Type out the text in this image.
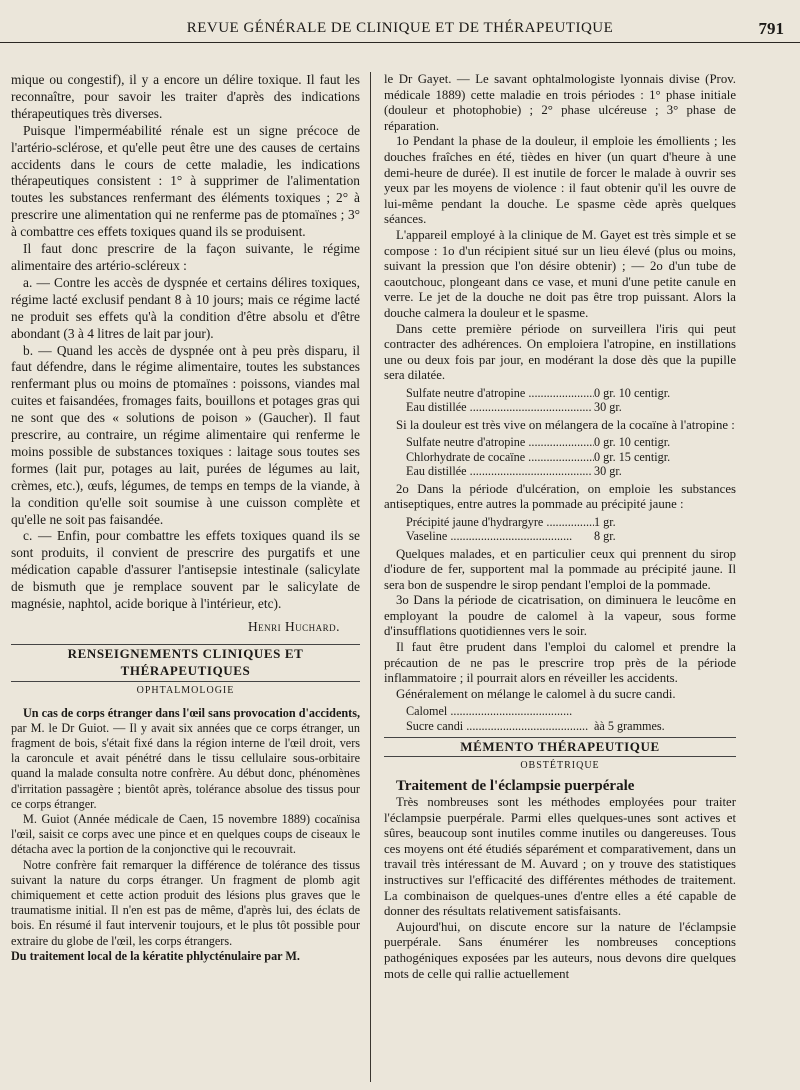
REVUE GÉNÉRALE DE CLINIQUE ET DE THÉRAPEUTIQUE	791

mique ou congestif), il y a encore un délire toxique. Il faut les reconnaître, pour savoir les traiter d'après des indications thérapeutiques très diverses.

Puisque l'imperméabilité rénale est un signe précoce de l'artério-sclérose, et qu'elle peut être une des causes de certains accidents dans le cours de cette maladie, les indications thérapeutiques consistent : 1° à supprimer de l'alimentation toutes les substances renfermant des éléments toxiques ; 2° à prescrire une alimentation qui ne renferme pas de ptomaïnes ; 3° à combattre ces effets toxiques quand ils se produisent.

Il faut donc prescrire de la façon suivante, le régime alimentaire des artério-scléreux :

a. — Contre les accès de dyspnée et certains délires toxiques, régime lacté exclusif pendant 8 à 10 jours; mais ce régime lacté ne produit ses effets qu'à la condition d'être absolu et d'être abondant (3 à 4 litres de lait par jour).

b. — Quand les accès de dyspnée ont à peu près disparu, il faut défendre, dans le régime alimentaire, toutes les substances renfermant plus ou moins de ptomaïnes : poissons, viandes mal cuites et faisandées, fromages faits, bouillons et potages gras qui ne sont que des « solutions de poison » (Gaucher). Il faut prescrire, au contraire, un régime alimentaire qui renferme le moins possible de substances toxiques : laitage sous toutes ses formes (lait pur, potages au lait, purées de légumes au lait, crèmes, etc.), œufs, légumes, de temps en temps de la viande, à la condition qu'elle soit soumise à une cuisson complète et qu'elle ne soit pas faisandée.

c. — Enfin, pour combattre les effets toxiques quand ils se sont produits, il convient de prescrire des purgatifs et une médication capable d'assurer l'antisepsie intestinale (salicylate de bismuth que je remplace souvent par le salicylate de magnésie, naphtol, acide borique à l'intérieur, etc).

Henri Huchard.
RENSEIGNEMENTS CLINIQUES ET THÉRAPEUTIQUES
OPHTALMOLOGIE

Un cas de corps étranger dans l'œil sans provocation d'accidents, par M. le Dr Guiot. — Il y avait six années que ce corps étranger, un fragment de bois, s'était fixé dans la région interne de l'œil droit, vers la caroncule et avait pénétré dans le tissu cellulaire sous-orbitaire quand la malade consulta notre confrère. Au début donc, phénomènes d'irritation passagère ; bientôt après, tolérance absolue des tissus pour ce corps étranger.

M. Guiot (Année médicale de Caen, 15 novembre 1889) cocaïnisa l'œil, saisit ce corps avec une pince et en quelques coups de ciseaux le détacha avec la portion de la conjonctive qui le recouvrait.

Notre confrère fait remarquer la différence de tolérance des tissus suivant la nature du corps étranger. Un fragment de plomb agit chimiquement et cette action produit des lésions plus graves que le traumatisme initial. Il n'en est pas de même, d'après lui, des éclats de bois. En résumé il faut intervenir toujours, et le plus tôt possible pour extraire du globe de l'œil, les corps étrangers.

Du traitement local de la kératite phlycténulaire par M.

le Dr Gayet. — Le savant ophtalmologiste lyonnais divise (Prov. médicale 1889) cette maladie en trois périodes : 1° phase initiale (douleur et photophobie) ; 2° phase ulcéreuse ; 3° phase de réparation.

1o Pendant la phase de la douleur, il emploie les émollients ; les douches fraîches en été, tièdes en hiver (un quart d'heure à une demi-heure de durée). Il est inutile de forcer le malade à ouvrir ses yeux par les moyens de violence : il faut obtenir qu'il les ouvre de lui-même pendant la douche. Le spasme cède après quelques séances.

L'appareil employé à la clinique de M. Gayet est très simple et se compose : 1o d'un récipient situé sur un lieu élevé (plus ou moins, suivant la pression que l'on désire obtenir) ; — 2o d'un tube de caoutchouc, plongeant dans ce vase, et muni d'une petite canule en verre. Le jet de la douche ne doit pas être trop puissant. Alors la douche calmera la douleur et le spasme.

Dans cette première période on surveillera l'iris qui peut contracter des adhérences. On emploiera l'atropine, en instillations une ou deux fois par jour, en modérant la dose dès que la pupille sera dilatée.

Sulfate neutre d'atropine .....	0 gr. 10 centigr.
Eau distillée .....	30 gr.

Si la douleur est très vive on mélangera de la cocaïne à l'atropine :

Sulfate neutre d'atropine .....	0 gr. 10 centigr.
Chlorhydrate de cocaïne .....	0 gr. 15 centigr.
Eau distillée .....	30 gr.

2o Dans la période d'ulcération, on emploie les substances antiseptiques, entre autres la pommade au précipité jaune :

Précipité jaune d'hydrargyre .....	1 gr.
Vaseline .....	8 gr.

Quelques malades, et en particulier ceux qui prennent du sirop d'iodure de fer, supportent mal la pommade au précipité jaune. Il sera bon de suspendre le sirop pendant l'emploi de la pommade.

3o Dans la période de cicatrisation, on diminuera le leucôme en employant la poudre de calomel à la vapeur, sous forme d'insufflations quotidiennes vers le soir.

Il faut être prudent dans l'emploi du calomel et prendre la précaution de ne pas le prescrire trop près de la période inflammatoire ; il pourrait alors en réveiller les accidents.

Généralement on mélange le calomel à du sucre candi.

Calomel .....
Sucre candi .....	àà 5 grammes.
MÉMENTO THÉRAPEUTIQUE
OBSTÉTRIQUE

Traitement de l'éclampsie puerpérale

Très nombreuses sont les méthodes employées pour traiter l'éclampsie puerpérale. Parmi elles quelques-unes sont actives et sûres, beaucoup sont inutiles comme inutiles ou dangereuses. Tous ces moyens ont été étudiés séparément et comparativement, dans un travail très intéressant de M. Auvard ; on y trouve des statistiques instructives sur l'efficacité des différentes méthodes de traitement. La combinaison de quelques-unes d'entre elles a été capable de donner des résultats relativement satisfaisants.

Aujourd'hui, on discute encore sur la nature de l'éclampsie puerpérale. Sans énumérer les nombreuses conceptions pathogéniques exposées par les auteurs, nous devons dire quelques mots de celle qui rallie actuellement
